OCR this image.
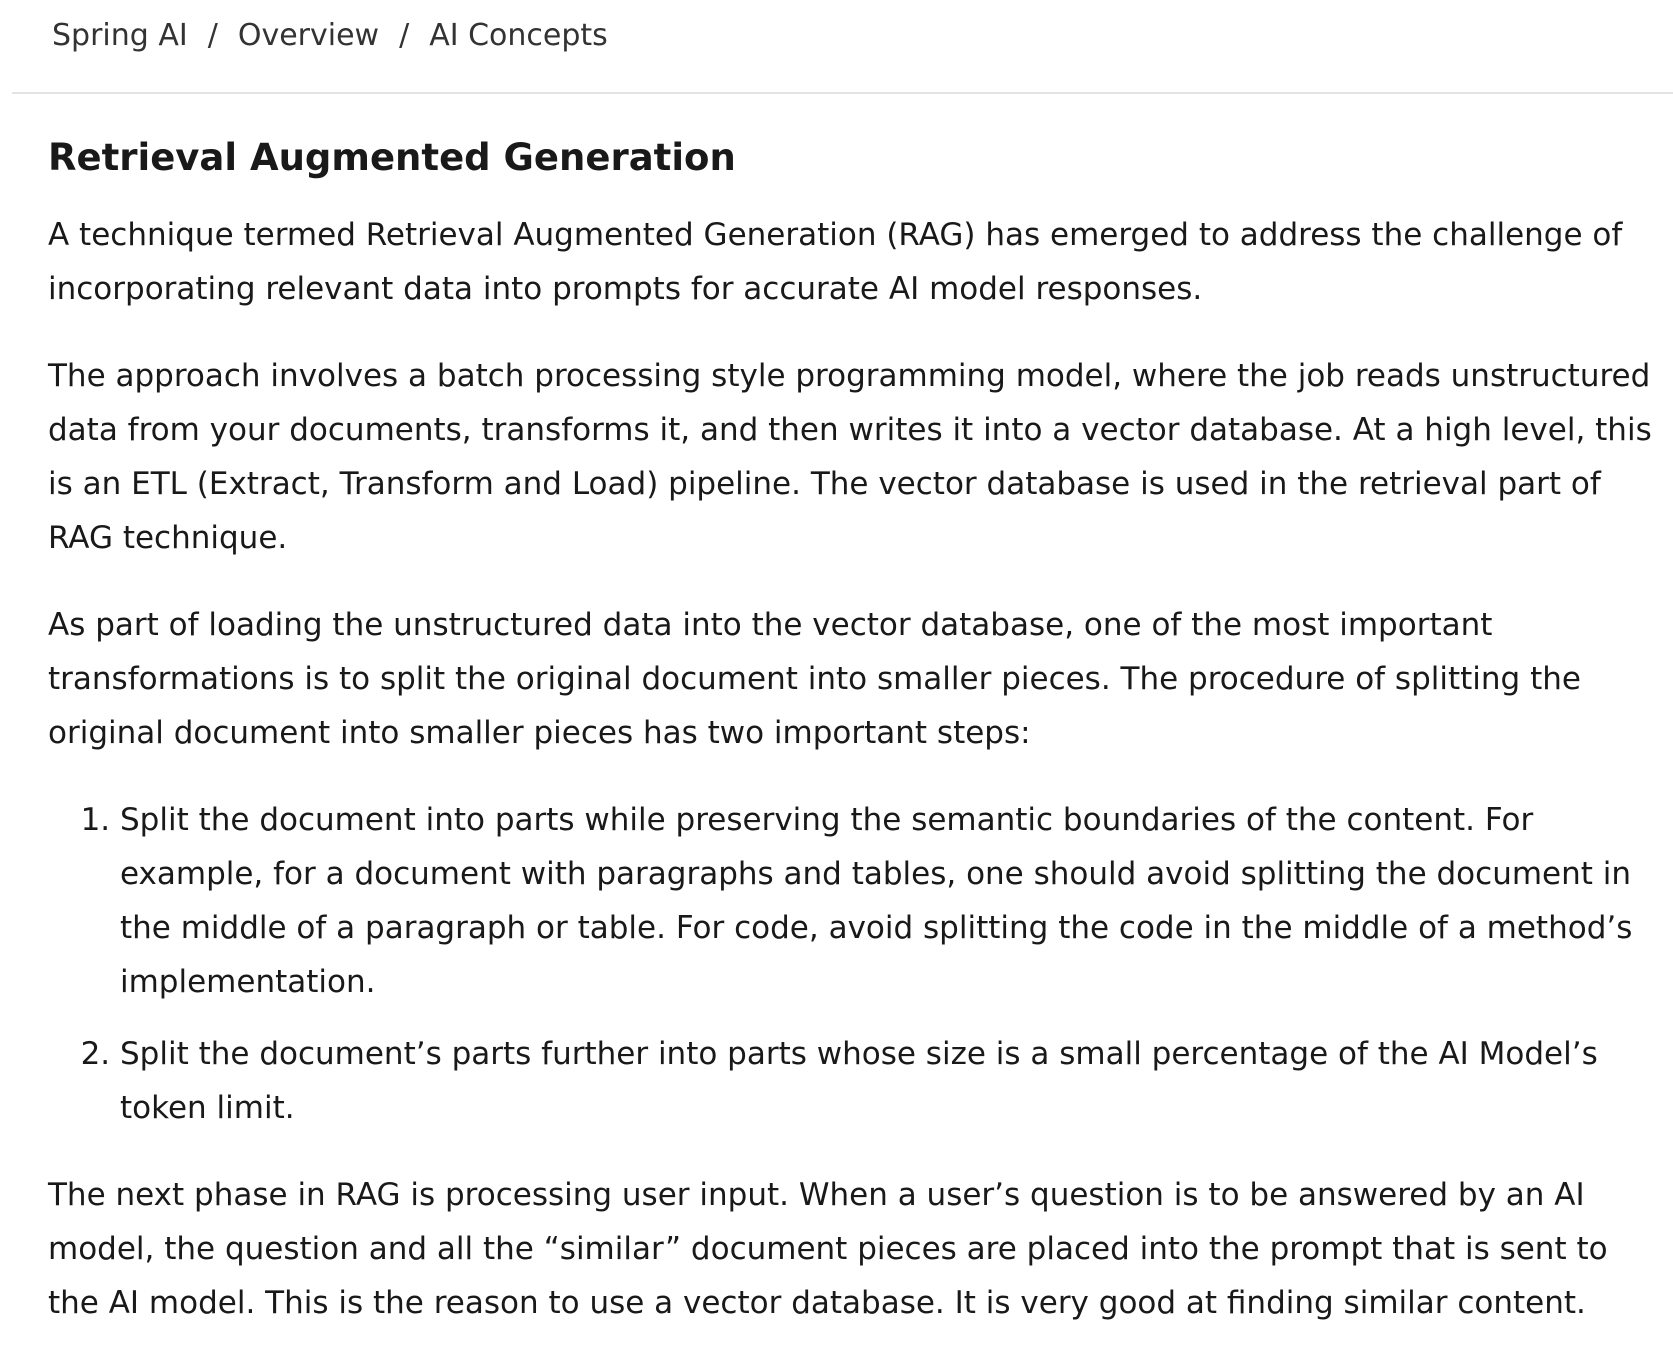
Spring AI / Overview / AI Concepts
Retrieval Augmented Generation

A technique termed Retrieval Augmented Generation (RAG) has emerged to address the challenge of incorporating relevant data into prompts for accurate AI model responses.

The approach involves a batch processing style programming model, where the job reads unstructured data from your documents, transforms it, and then writes it into a vector database. At a high level, this is an ETL (Extract, Transform and Load) pipeline. The vector database is used in the retrieval part of RAG technique.

As part of loading the unstructured data into the vector database, one of the most important transformations is to split the original document into smaller pieces. The procedure of splitting the original document into smaller pieces has two important steps:

1. Split the document into parts while preserving the semantic boundaries of the content. For example, for a document with paragraphs and tables, one should avoid splitting the document in the middle of a paragraph or table. For code, avoid splitting the code in the middle of a method’s implementation.
2. Split the document’s parts further into parts whose size is a small percentage of the AI Model’s token limit.

The next phase in RAG is processing user input. When a user’s question is to be answered by an AI model, the question and all the “similar” document pieces are placed into the prompt that is sent to the AI model. This is the reason to use a vector database. It is very good at finding similar content.
